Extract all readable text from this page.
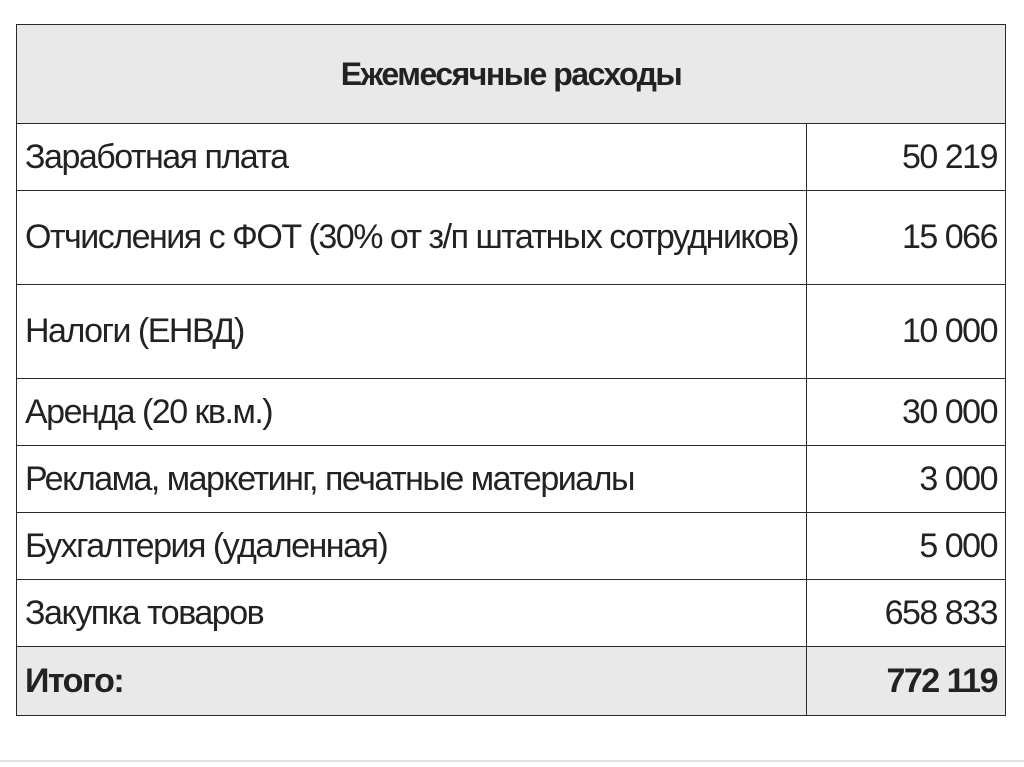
Ежемесячные расходы	
Заработная плата	50 219
Отчисления с ФОТ (30% от з/п штатных сотрудников)	15 066
Налоги (ЕНВД)	10 000
Аренда (20 кв.м.)	30 000
Реклама, маркетинг, печатные материалы	3 000
Бухгалтерия (удаленная)	5 000
Закупка товаров	658 833
Итого:	772 119
